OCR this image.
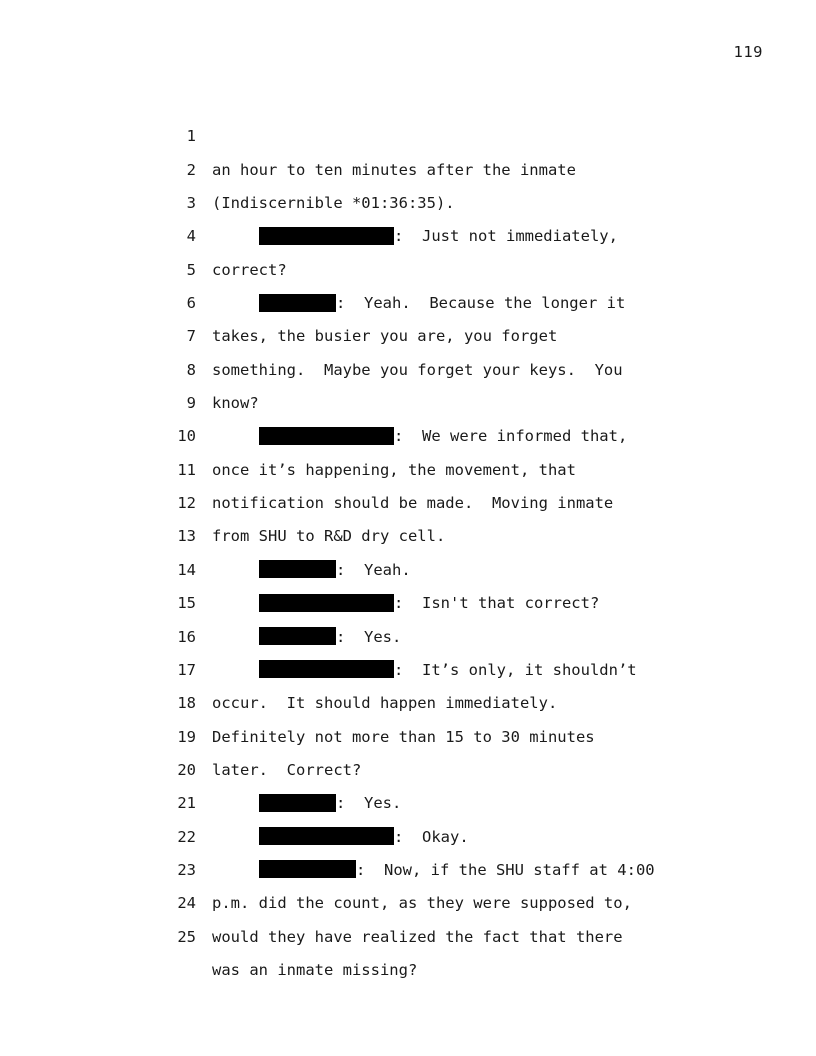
119

1

an hour to ten minutes after the inmate

2

(Indiscernible *01:36:35).

3

:  Just not immediately,

4

correct?

5

:  Yeah.  Because the longer it

6

takes, the busier you are, you forget

7

something.  Maybe you forget your keys.  You

8

know?

9

:  We were informed that,

10

once it’s happening, the movement, that

11

notification should be made.  Moving inmate

12

from SHU to R&D dry cell.

13

:  Yeah.

14

:  Isn't that correct?

15

:  Yes.

16

:  It’s only, it shouldn’t

17

occur.  It should happen immediately.

18

Definitely not more than 15 to 30 minutes

19

later.  Correct?

20

:  Yes.

21

:  Okay.

22

:  Now, if the SHU staff at 4:00

23

p.m. did the count, as they were supposed to,

24

would they have realized the fact that there

25

was an inmate missing?
